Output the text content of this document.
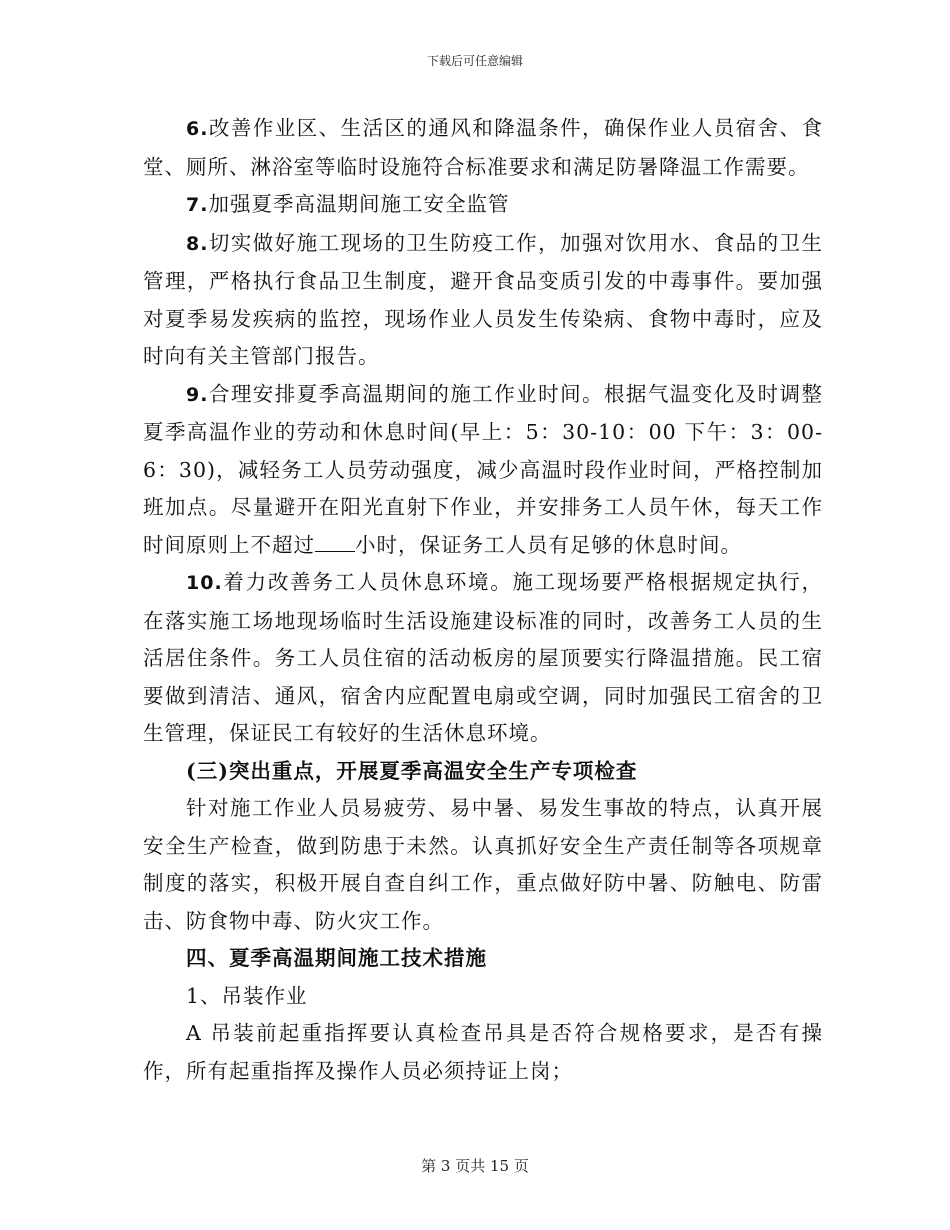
下载后可任意编辑

6.改善作业区、生活区的通风和降温条件，确保作业人员宿舍、食堂、厕所、淋浴室等临时设施符合标准要求和满足防暑降温工作需要。

7.加强夏季高温期间施工安全监管

8.切实做好施工现场的卫生防疫工作，加强对饮用水、食品的卫生管理，严格执行食品卫生制度，避开食品变质引发的中毒事件。要加强对夏季易发疾病的监控，现场作业人员发生传染病、食物中毒时，应及时向有关主管部门报告。

9.合理安排夏季高温期间的施工作业时间。根据气温变化及时调整夏季高温作业的劳动和休息时间(早上：5：30-10：00 下午：3：00-6：30)，减轻务工人员劳动强度，减少高温时段作业时间，严格控制加班加点。尽量避开在阳光直射下作业，并安排务工人员午休，每天工作时间原则上不超过 小时，保证务工人员有足够的休息时间。

10.着力改善务工人员休息环境。施工现场要严格根据规定执行，在落实施工场地现场临时生活设施建设标准的同时，改善务工人员的生活居住条件。务工人员住宿的活动板房的屋顶要实行降温措施。民工宿要做到清洁、通风，宿舍内应配置电扇或空调，同时加强民工宿舍的卫生管理，保证民工有较好的生活休息环境。

(三)突出重点，开展夏季高温安全生产专项检查

针对施工作业人员易疲劳、易中暑、易发生事故的特点，认真开展安全生产检查，做到防患于未然。认真抓好安全生产责任制等各项规章制度的落实，积极开展自查自纠工作，重点做好防中暑、防触电、防雷击、防食物中毒、防火灾工作。

四、夏季高温期间施工技术措施

1、吊装作业

A 吊装前起重指挥要认真检查吊具是否符合规格要求，是否有操作，所有起重指挥及操作人员必须持证上岗；

第 3 页共 15 页
